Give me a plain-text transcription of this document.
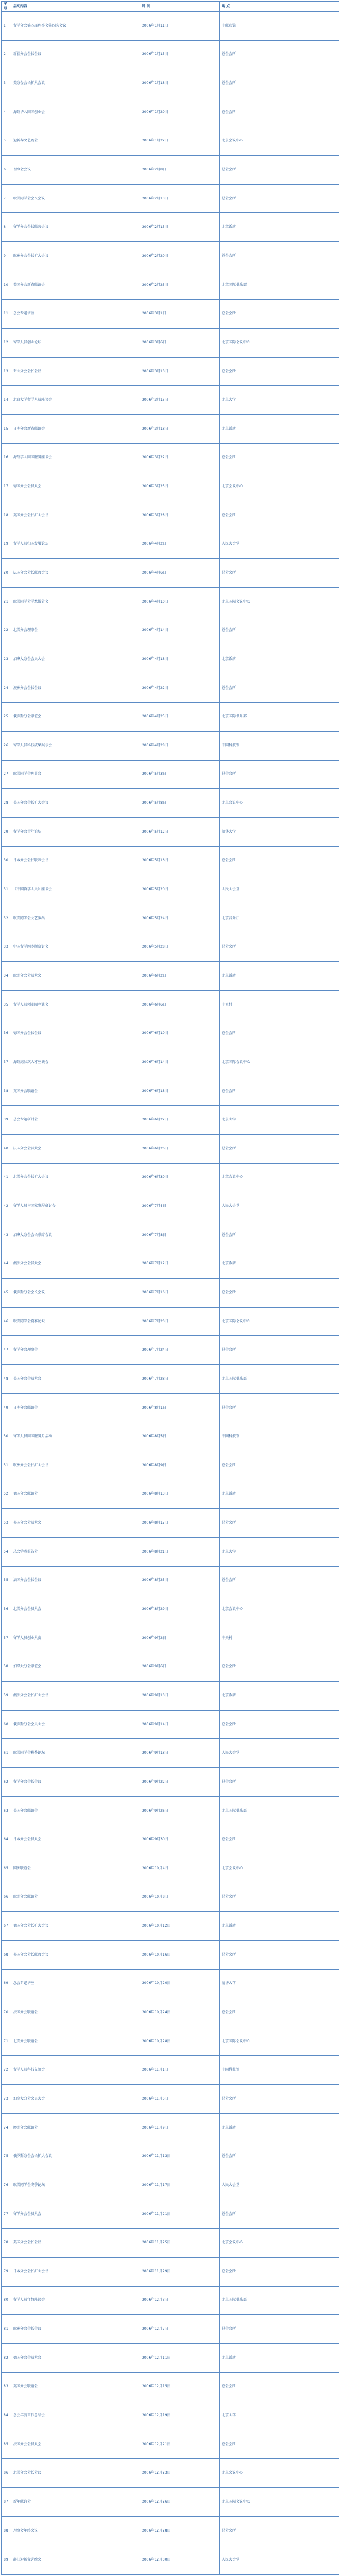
序号	活动内容	时 间	地 点
1	留学分会第四届理事会第四次会议	2006年1月11日	中联宾馆
2	新疆分会会长会议	2006年1月15日	总会会所
3	美分会会长扩大会议	2006年1月18日	总会会所
4	海外华人回国创业会	2006年1月20日	总会会所
5	迎新春文艺晚会	2006年1月22日	北京会议中心
6	理事会会议	2006年2月8日	总会会所
7	欧美同学会会长会议	2006年2月13日	总会会所
8	留学分会会长联席会议	2006年2月15日	北京饭店
9	欧洲分会会长扩大会议	2006年2月20日	总会会所
10	美国分会新春联谊会	2006年2月25日	北京国际俱乐部
11	总会专题讲座	2006年3月1日	总会会所
12	留学人员创业论坛	2006年3月6日	北京国际会议中心
13	亚太分会会长会议	2006年3月10日	总会会所
14	北京大学留学人员座谈会	2006年3月15日	北京大学
15	日本分会新春联谊会	2006年3月18日	北京饭店
16	海外学人回国服务座谈会	2006年3月22日	总会会所
17	德国分会会员大会	2006年3月25日	北京会议中心
18	英国分会会长扩大会议	2006年3月28日	总会会所
19	留学人员归国发展论坛	2006年4月2日	人民大会堂
20	法国分会会长联席会议	2006年4月6日	总会会所
21	欧美同学会学术报告会	2006年4月10日	北京国际会议中心
22	北美分会理事会	2006年4月14日	总会会所
23	加拿大分会会员大会	2006年4月18日	北京饭店
24	澳洲分会会长会议	2006年4月22日	总会会所
25	俄罗斯分会联谊会	2006年4月25日	北京国际俱乐部
26	留学人员科技成果展示会	2006年4月28日	中国科技馆
27	欧美同学会理事会	2006年5月3日	总会会所
28	美国分会会长扩大会议	2006年5月8日	北京会议中心
29	留学分会青年论坛	2006年5月12日	清华大学
30	日本分会会长联席会议	2006年5月16日	总会会所
31	《中国留学人员》座谈会	2006年5月20日	人民大会堂
32	欧美同学会文艺演出	2006年5月24日	北京音乐厅
33	中国留学网专题研讨会	2006年5月28日	总会会所
34	欧洲分会会员大会	2006年6月2日	北京饭店
35	留学人员创业园座谈会	2006年6月6日	中关村
36	德国分会会长会议	2006年6月10日	总会会所
37	海外高层次人才座谈会	2006年6月14日	北京国际会议中心
38	英国分会联谊会	2006年6月18日	总会会所
39	总会专题研讨会	2006年6月22日	北京大学
40	法国分会会员大会	2006年6月26日	总会会所
41	北美分会会长扩大会议	2006年6月30日	北京会议中心
42	留学人员与国家发展研讨会	2006年7月4日	人民大会堂
43	加拿大分会会长联席会议	2006年7月8日	总会会所
44	澳洲分会会员大会	2006年7月12日	北京饭店
45	俄罗斯分会会长会议	2006年7月16日	总会会所
46	欧美同学会夏季论坛	2006年7月20日	北京国际会议中心
47	留学分会理事会	2006年7月24日	总会会所
48	美国分会会员大会	2006年7月28日	北京国际俱乐部
49	日本分会联谊会	2006年8月1日	总会会所
50	留学人员回国服务月活动	2006年8月5日	中国科技馆
51	欧洲分会会长扩大会议	2006年8月9日	总会会所
52	德国分会联谊会	2006年8月13日	北京饭店
53	英国分会会员大会	2006年8月17日	总会会所
54	总会学术报告会	2006年8月21日	北京大学
55	法国分会会长会议	2006年8月25日	总会会所
56	北美分会会员大会	2006年8月29日	北京会议中心
57	留学人员创业大赛	2006年9月2日	中关村
58	加拿大分会联谊会	2006年9月6日	总会会所
59	澳洲分会会长扩大会议	2006年9月10日	北京饭店
60	俄罗斯分会会员大会	2006年9月14日	总会会所
61	欧美同学会秋季论坛	2006年9月18日	人民大会堂
62	留学分会会长会议	2006年9月22日	总会会所
63	美国分会联谊会	2006年9月26日	北京国际俱乐部
64	日本分会会员大会	2006年9月30日	总会会所
65	国庆联谊会	2006年10月4日	北京会议中心
66	欧洲分会联谊会	2006年10月8日	总会会所
67	德国分会会长扩大会议	2006年10月12日	北京饭店
68	英国分会会长联席会议	2006年10月16日	总会会所
69	总会专题讲座	2006年10月20日	清华大学
70	法国分会联谊会	2006年10月24日	总会会所
71	北美分会联谊会	2006年10月28日	北京国际会议中心
72	留学人员科技交流会	2006年11月1日	中国科技馆
73	加拿大分会会员大会	2006年11月5日	总会会所
74	澳洲分会联谊会	2006年11月9日	北京饭店
75	俄罗斯分会会长扩大会议	2006年11月13日	总会会所
76	欧美同学会冬季论坛	2006年11月17日	人民大会堂
77	留学分会会员大会	2006年11月21日	总会会所
78	美国分会会长会议	2006年11月25日	北京会议中心
79	日本分会会长扩大会议	2006年11月29日	总会会所
80	留学人员年终座谈会	2006年12月3日	北京国际俱乐部
81	欧洲分会会长会议	2006年12月7日	总会会所
82	德国分会会员大会	2006年12月11日	北京饭店
83	英国分会联谊会	2006年12月15日	总会会所
84	总会年度工作总结会	2006年12月19日	北京大学
85	法国分会会员大会	2006年12月21日	总会会所
86	北美分会会长会议	2006年12月23日	北京会议中心
87	新年联谊会	2006年12月26日	北京国际会议中心
88	理事会年终会议	2006年12月28日	总会会所
89	辞旧迎新文艺晚会	2006年12月30日	人民大会堂
